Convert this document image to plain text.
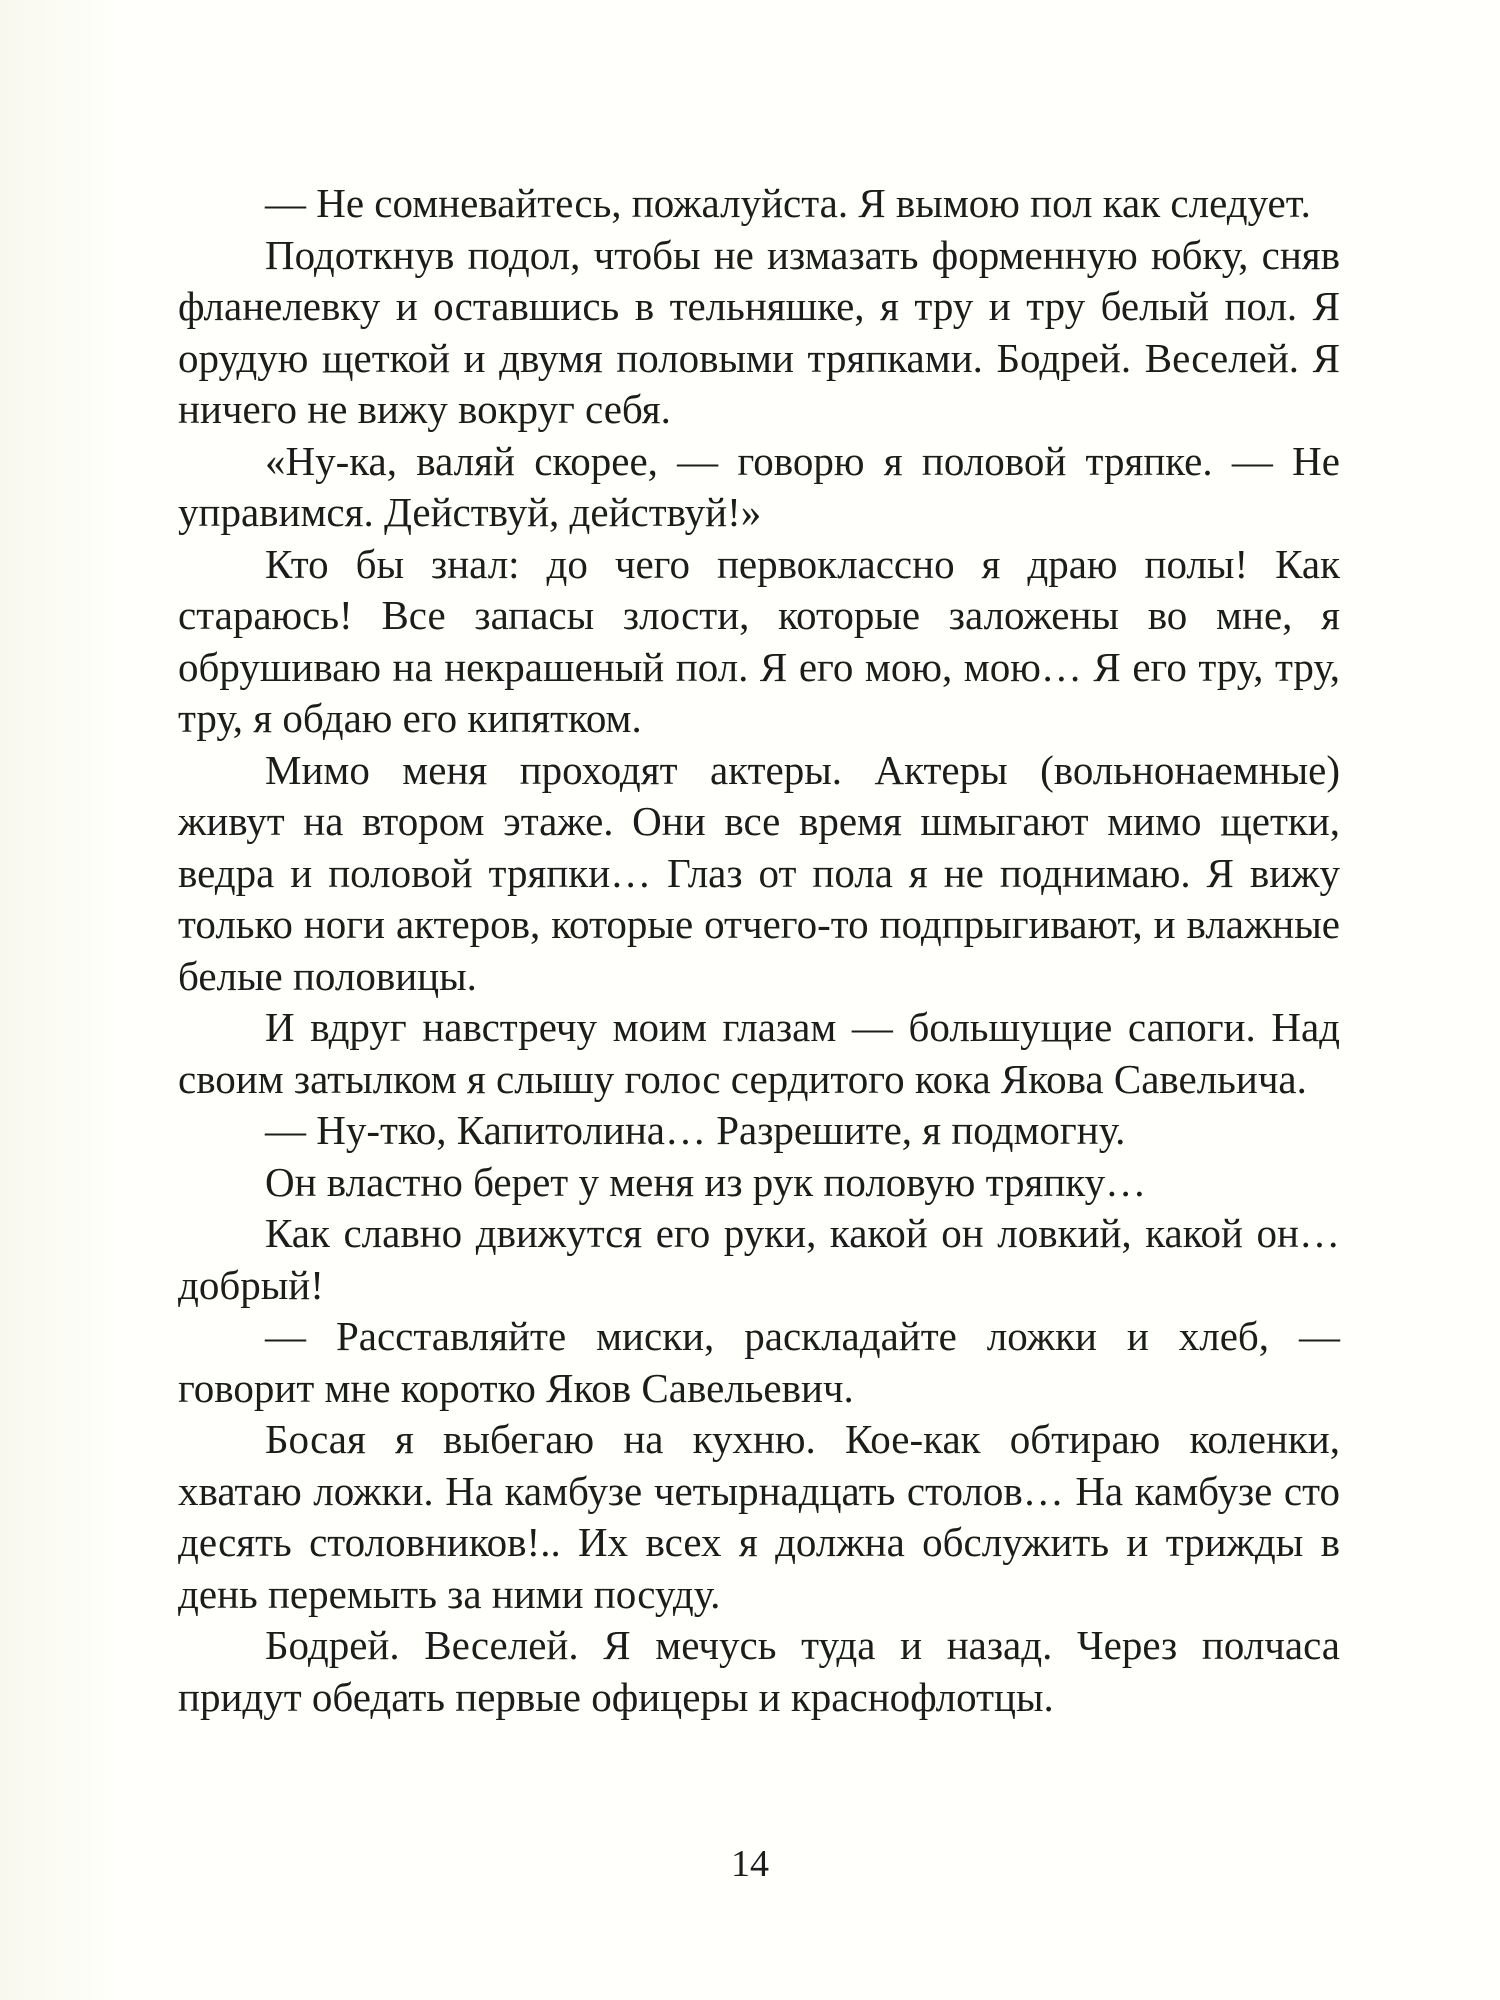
— Не сомневайтесь, пожалуйста. Я вымою пол как следует.

Подоткнув подол, чтобы не измазать форменную юбку, сняв фланелевку и оставшись в тельняшке, я тру и тру белый пол. Я орудую щеткой и двумя половыми тряпками. Бодрей. Веселей. Я ничего не вижу вокруг себя.

«Ну-ка, валяй скорее, — говорю я половой тряпке. — Не управимся. Действуй, действуй!»

Кто бы знал: до чего первоклассно я драю полы! Как стараюсь! Все запасы злости, которые заложены во мне, я обрушиваю на некрашеный пол. Я его мою, мою… Я его тру, тру, тру, я обдаю его кипятком.

Мимо меня проходят актеры. Актеры (вольнонаемные) живут на втором этаже. Они все время шмыгают мимо щетки, ведра и половой тряпки… Глаз от пола я не поднимаю. Я вижу только ноги актеров, которые отчего-то подпрыгивают, и влажные белые половицы.

И вдруг навстречу моим глазам — большущие сапоги. Над своим затылком я слышу голос сердитого кока Якова Савельича.

— Ну-тко, Капитолина… Разрешите, я подмогну.

Он властно берет у меня из рук половую тряпку…

Как славно движутся его руки, какой он ловкий, какой он… добрый!

— Расставляйте миски, раскладайте ложки и хлеб, — говорит мне коротко Яков Савельевич.

Босая я выбегаю на кухню. Кое-как обтираю коленки, хватаю ложки. На камбузе четырнадцать столов… На камбузе сто десять столовников!.. Их всех я должна обслужить и трижды в день перемыть за ними посуду.

Бодрей. Веселей. Я мечусь туда и назад. Через полчаса придут обедать первые офицеры и краснофлотцы.

14
